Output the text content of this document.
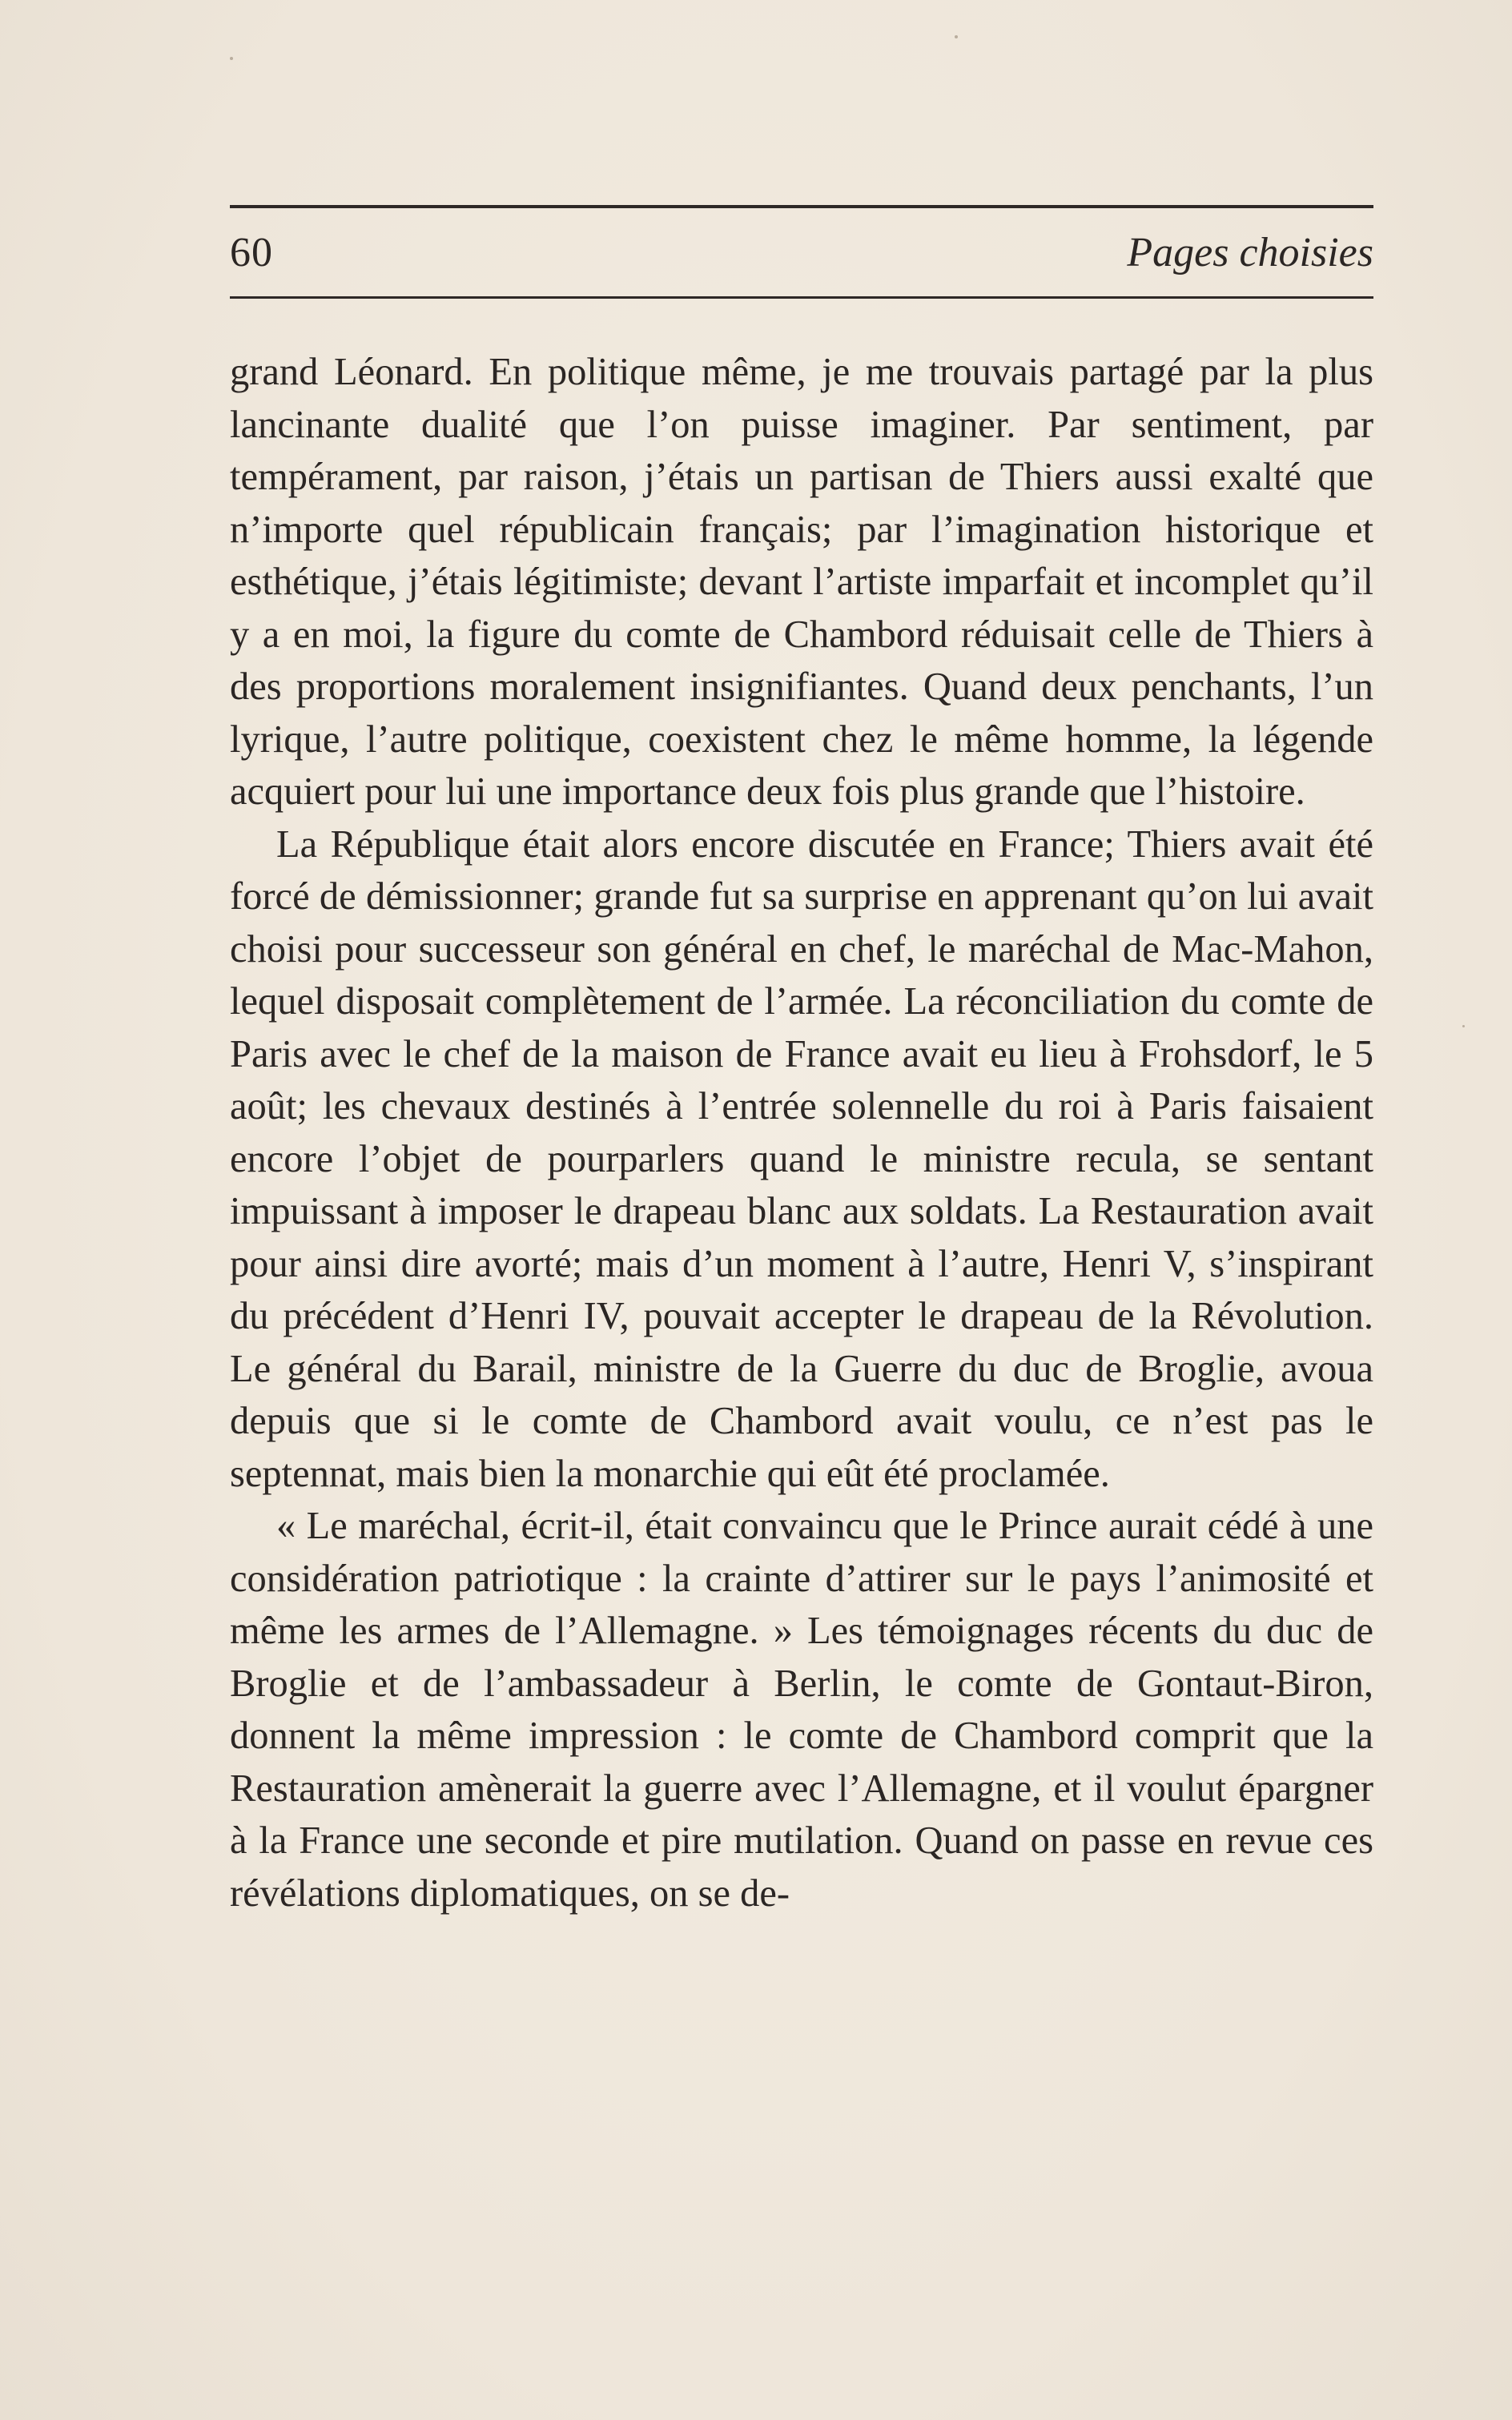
60	Pages choisies

grand Léonard. En politique même, je me trouvais partagé par la plus lancinante dualité que l’on puisse imaginer. Par sentiment, par tempérament, par raison, j’étais un partisan de Thiers aussi exalté que n’importe quel républicain français; par l’imagination historique et esthétique, j’étais légitimiste; devant l’artiste imparfait et incomplet qu’il y a en moi, la figure du comte de Chambord réduisait celle de Thiers à des proportions moralement insignifiantes. Quand deux penchants, l’un lyrique, l’autre politique, coexistent chez le même homme, la légende acquiert pour lui une importance deux fois plus grande que l’histoire.

La République était alors encore discutée en France; Thiers avait été forcé de démissionner; grande fut sa surprise en apprenant qu’on lui avait choisi pour successeur son général en chef, le maréchal de Mac-Mahon, lequel disposait complètement de l’armée. La réconciliation du comte de Paris avec le chef de la maison de France avait eu lieu à Frohsdorf, le 5 août; les chevaux destinés à l’entrée solennelle du roi à Paris faisaient encore l’objet de pourparlers quand le ministre recula, se sentant impuissant à imposer le drapeau blanc aux soldats. La Restauration avait pour ainsi dire avorté; mais d’un moment à l’autre, Henri V, s’inspirant du précédent d’Henri IV, pouvait accepter le drapeau de la Révolution. Le général du Barail, ministre de la Guerre du duc de Broglie, avoua depuis que si le comte de Chambord avait voulu, ce n’est pas le septennat, mais bien la monarchie qui eût été proclamée.

« Le maréchal, écrit-il, était convaincu que le Prince aurait cédé à une considération patriotique : la crainte d’attirer sur le pays l’animosité et même les armes de l’Allemagne. » Les témoignages récents du duc de Broglie et de l’ambassadeur à Berlin, le comte de Gontaut-Biron, donnent la même impression : le comte de Chambord comprit que la Restauration amènerait la guerre avec l’Allemagne, et il voulut épargner à la France une seconde et pire mutilation. Quand on passe en revue ces révélations diplomatiques, on se de-
